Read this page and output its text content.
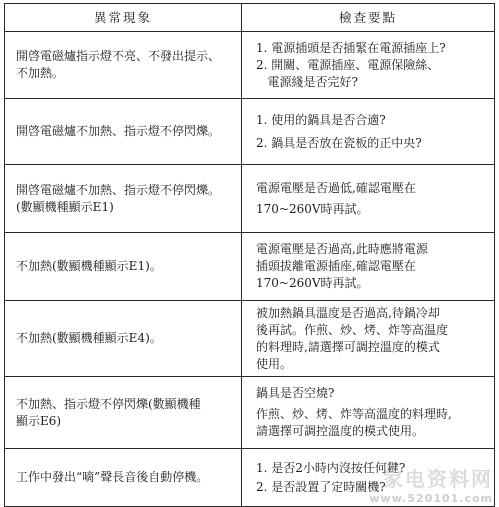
異常現象	檢查要點

開啓電磁爐指示燈不亮、不發出提示、
不加熱。	1. 電源插頭是否插緊在電源插座上?
2. 開關、電源插座、電源保險絲、
電源綫是否完好?

開啓電磁爐不加熱、指示燈不停閃爍。	1. 使用的鍋具是否合適?
2. 鍋具是否放在瓷板的正中央?

開啓電磁爐不加熱、指示燈不停閃爍。
(數顯機種顯示E1)	電源電壓是否過低,確認電壓在
170~260V時再試。

不加熱(數顯機種顯示E1)。	電源電壓是否過高,此時應將電源
插頭拔離電源插座,確認電壓在
170~260V時再試。

不加熱(數顯機種顯示E4)。	被加熱鍋具溫度是否過高,待鍋冷却
後再試。作煎、炒、烤、炸等高温度
的料理時,請選擇可調控溫度的模式
使用。

不加熱、指示燈不停閃爍(數顯機種
顯示E6)	鍋具是否空燒?
作煎、炒、烤、炸等高溫度的料理時,
請選擇可調控溫度的模式使用。

工作中發出“嘀”聲長音後自動停機。	1. 是否2小時内沒按任何鍵?
2. 是否設置了定時關機?
家电资料网
www.520101.com
